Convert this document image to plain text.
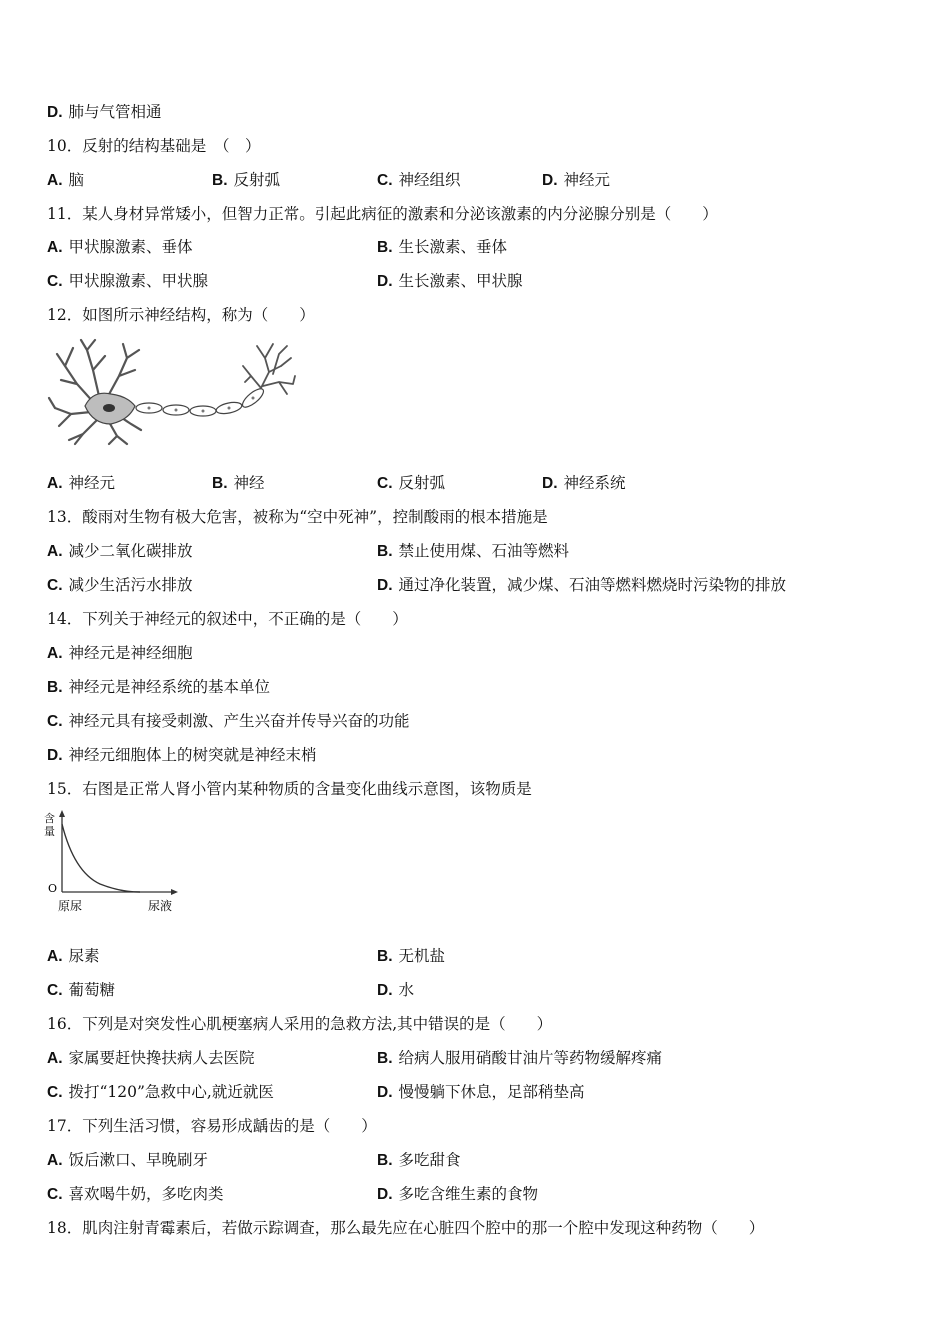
D. 肺与气管相通
10．反射的结构基础是　（　）
A. 脑	B. 反射弧	C. 神经组织	D. 神经元
11．某人身材异常矮小，但智力正常。引起此病征的激素和分泌该激素的内分泌腺分别是（　　）
A. 甲状腺激素、垂体	B. 生长激素、垂体
C. 甲状腺激素、甲状腺	D. 生长激素、甲状腺
12．如图所示神经结构，称为（　　）
A. 神经元	B. 神经	C. 反射弧	D. 神经系统
13．酸雨对生物有极大危害，被称为“空中死神”，控制酸雨的根本措施是
A. 减少二氧化碳排放	B. 禁止使用煤、石油等燃料
C. 减少生活污水排放	D. 通过净化装置，减少煤、石油等燃料燃烧时污染物的排放
14．下列关于神经元的叙述中，不正确的是（　　）
A. 神经元是神经细胞
B. 神经元是神经系统的基本单位
C. 神经元具有接受刺激、产生兴奋并传导兴奋的功能
D. 神经元细胞体上的树突就是神经末梢
15．右图是正常人肾小管内某种物质的含量变化曲线示意图，该物质是
含
量
O
原尿	尿液
A. 尿素	B. 无机盐
C. 葡萄糖	D. 水
16．下列是对突发性心肌梗塞病人采用的急救方法,其中错误的是（　　）
A. 家属要赶快搀扶病人去医院	B. 给病人服用硝酸甘油片等药物缓解疼痛
C. 拨打“120”急救中心,就近就医	D. 慢慢躺下休息，足部稍垫高
17．下列生活习惯，容易形成龋齿的是（　　）
A. 饭后漱口、早晚刷牙	B. 多吃甜食
C. 喜欢喝牛奶，多吃肉类	D. 多吃含维生素的食物
18．肌肉注射青霉素后，若做示踪调查，那么最先应在心脏四个腔中的那一个腔中发现这种药物（　　）
